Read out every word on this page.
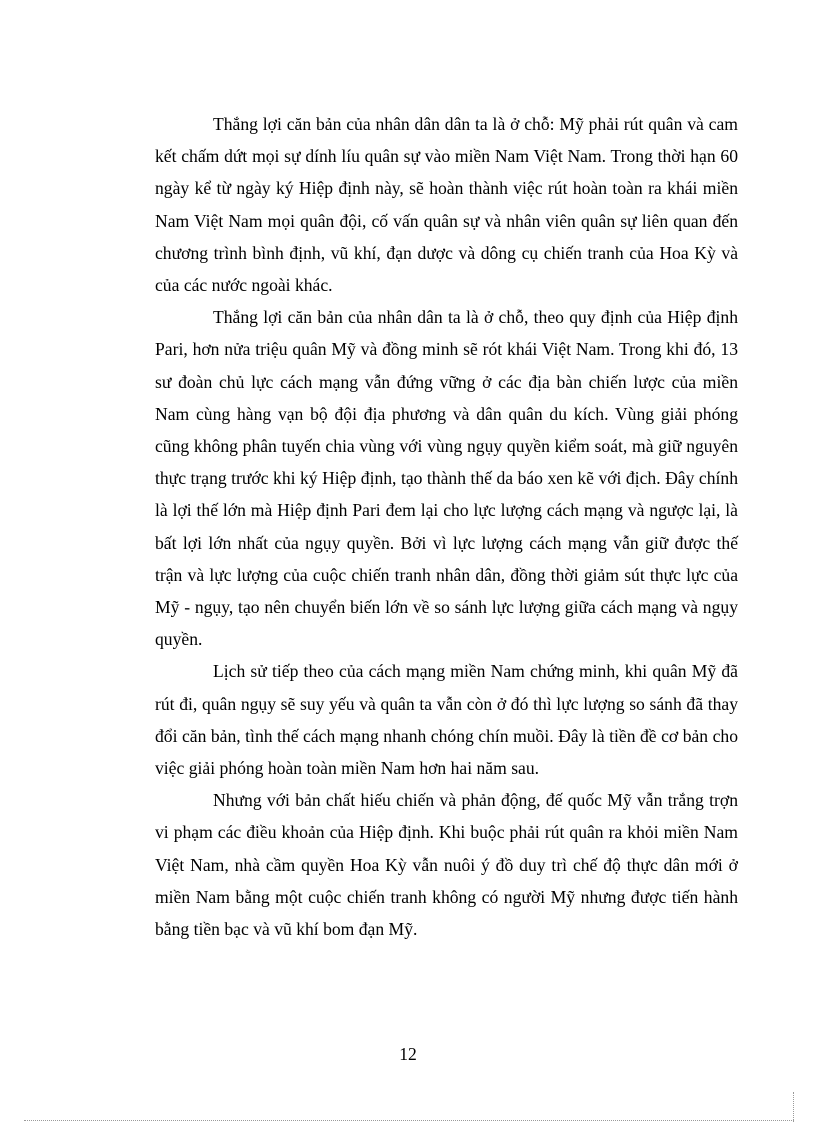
Thắng lợi căn bản của nhân dân dân ta là ở chỗ: Mỹ phải rút quân và cam kết chấm dứt mọi sự dính líu quân sự vào miền Nam Việt Nam. Trong thời hạn 60 ngày kể từ ngày ký Hiệp định này, sẽ hoàn thành việc rút hoàn toàn ra khái miền Nam Việt Nam mọi quân đội, cố vấn quân sự và nhân viên quân sự liên quan đến chương trình bình định, vũ khí, đạn dược và dông cụ chiến tranh của Hoa Kỳ và của các nước ngoài khác.

Thắng lợi căn bản của nhân dân ta là ở chỗ, theo quy định của Hiệp định Pari, hơn nửa triệu quân Mỹ và đồng minh sẽ rót khái Việt Nam. Trong khi đó, 13 sư đoàn chủ lực cách mạng vẫn đứng vững ở các địa bàn chiến lược của miền Nam cùng hàng vạn bộ đội địa phương và dân quân du kích. Vùng giải phóng cũng không phân tuyến chia vùng với vùng ngụy quyền kiểm soát, mà giữ nguyên thực trạng trước khi ký Hiệp định, tạo thành thế da báo xen kẽ với địch. Đây chính là lợi thế lớn mà Hiệp định Pari đem lại cho lực lượng cách mạng và ngược lại, là bất lợi lớn nhất của ngụy quyền. Bởi vì lực lượng cách mạng vẫn giữ được thế trận và lực lượng của cuộc chiến tranh nhân dân, đồng thời giảm sút thực lực của Mỹ - ngụy, tạo nên chuyển biến lớn về so sánh lực lượng giữa cách mạng và ngụy quyền.

Lịch sử tiếp theo của cách mạng miền Nam chứng minh, khi quân Mỹ đã rút đi, quân ngụy sẽ suy yếu và quân ta vẫn còn ở đó thì lực lượng so sánh đã thay đổi căn bản, tình thế cách mạng nhanh chóng chín muồi. Đây là tiền đề cơ bản cho việc giải phóng hoàn toàn miền Nam hơn hai năm sau.

Nhưng với bản chất hiếu chiến và phản động, đế quốc Mỹ vẫn trắng trợn vi phạm các điều khoản của Hiệp định. Khi buộc phải rút quân ra khỏi miền Nam Việt Nam, nhà cầm quyền Hoa Kỳ vẫn nuôi ý đồ duy trì chế độ thực dân mới ở miền Nam bằng một cuộc chiến tranh không có người Mỹ nhưng được tiến hành bằng tiền bạc và vũ khí bom đạn Mỹ.

12
